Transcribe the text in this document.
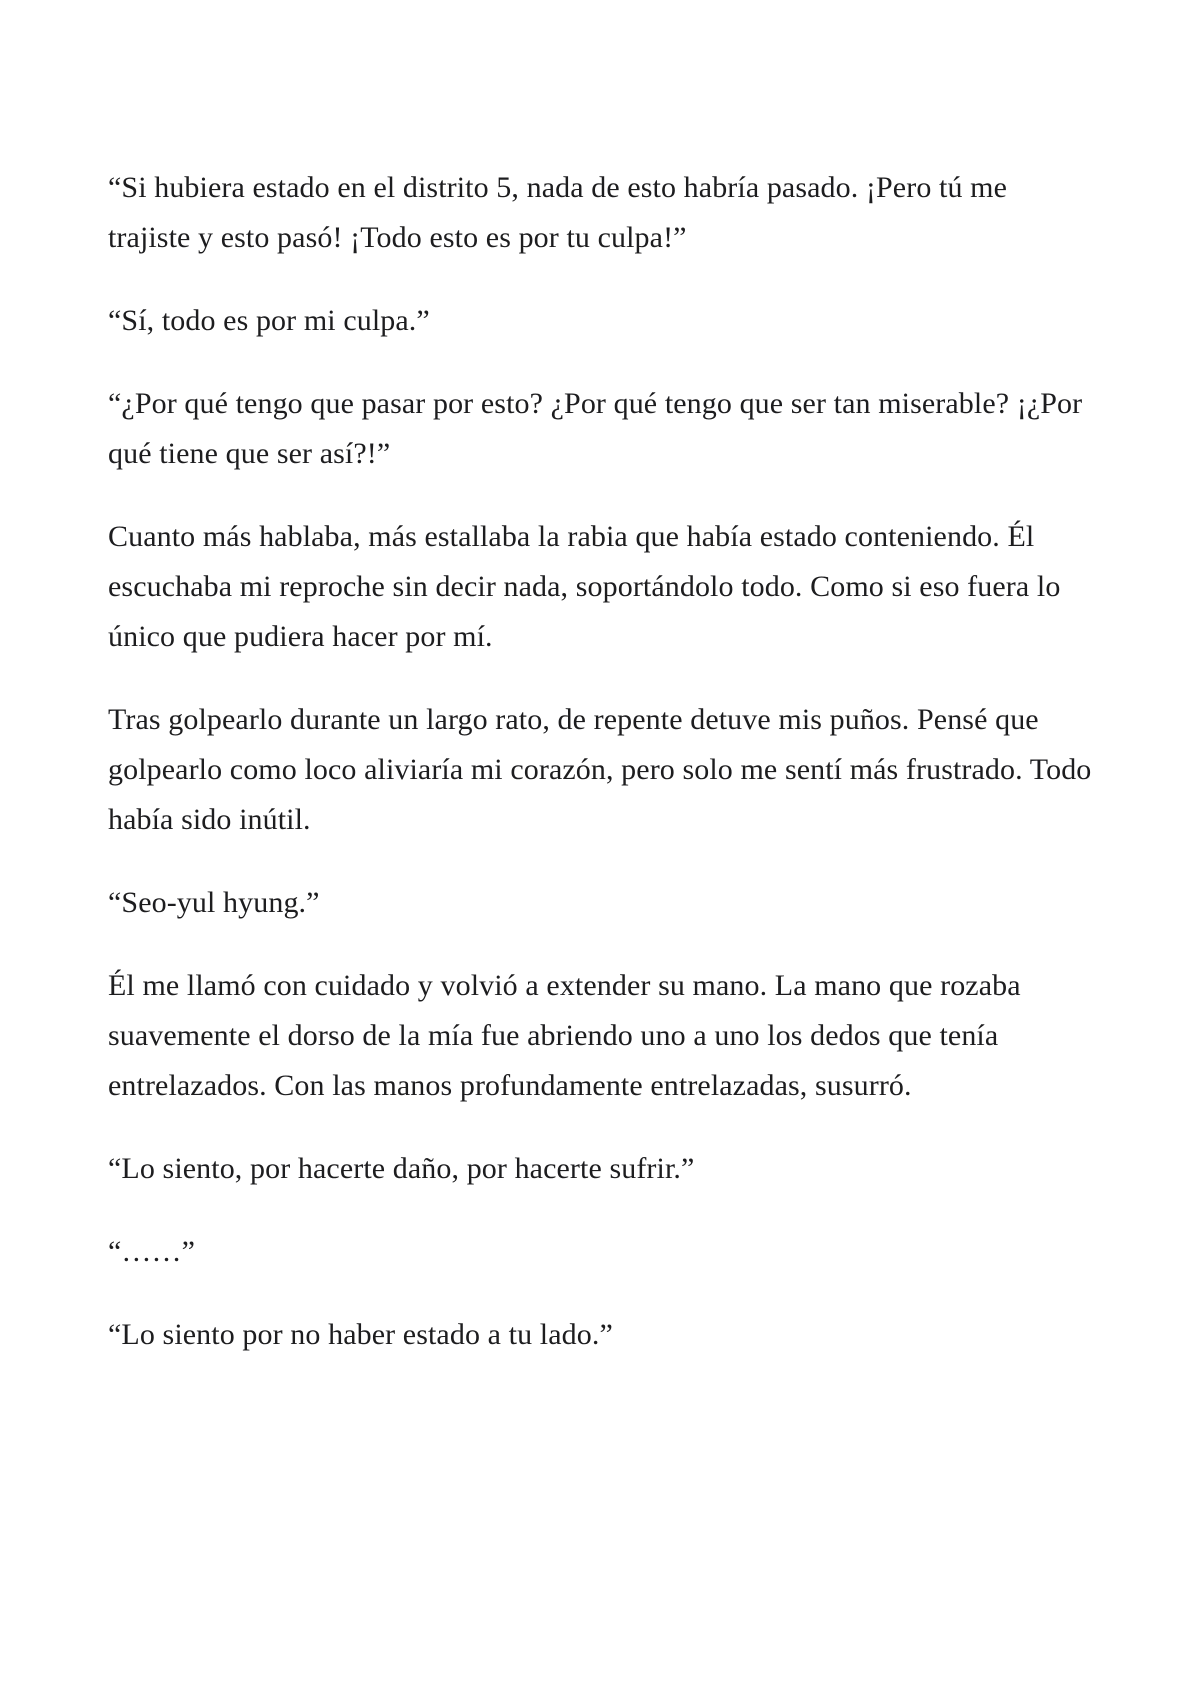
“Si hubiera estado en el distrito 5, nada de esto habría pasado. ¡Pero tú me trajiste y esto pasó! ¡Todo esto es por tu culpa!”

“Sí, todo es por mi culpa.”

“¿Por qué tengo que pasar por esto? ¿Por qué tengo que ser tan miserable? ¡¿Por qué tiene que ser así?!”

Cuanto más hablaba, más estallaba la rabia que había estado conteniendo. Él escuchaba mi reproche sin decir nada, soportándolo todo. Como si eso fuera lo único que pudiera hacer por mí.

Tras golpearlo durante un largo rato, de repente detuve mis puños. Pensé que golpearlo como loco aliviaría mi corazón, pero solo me sentí más frustrado. Todo había sido inútil.

“Seo-yul hyung.”

Él me llamó con cuidado y volvió a extender su mano. La mano que rozaba suavemente el dorso de la mía fue abriendo uno a uno los dedos que tenía entrelazados. Con las manos profundamente entrelazadas, susurró.

“Lo siento, por hacerte daño, por hacerte sufrir.”

“……”

“Lo siento por no haber estado a tu lado.”
